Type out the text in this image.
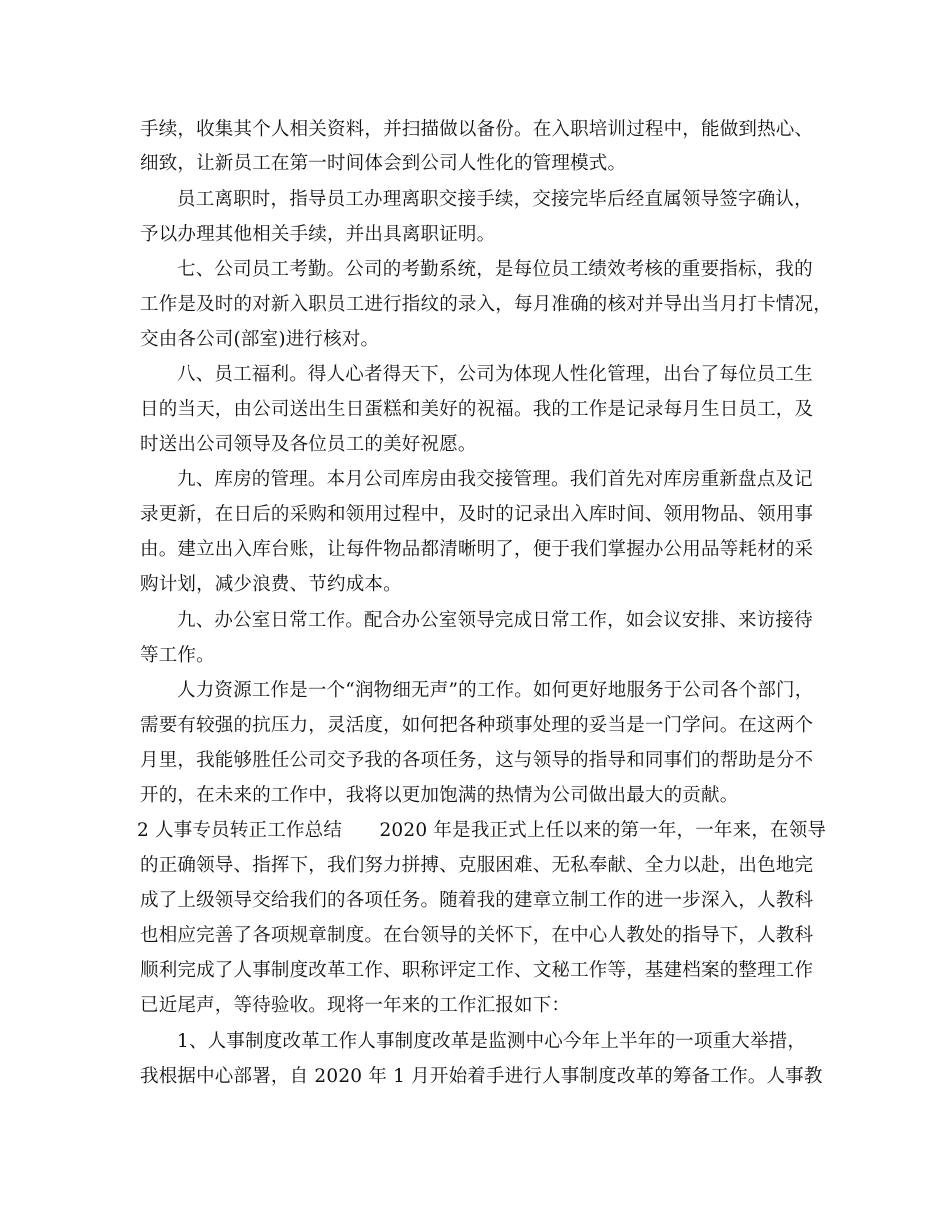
手续，收集其个人相关资料，并扫描做以备份。在入职培训过程中，能做到热心、
细致，让新员工在第一时间体会到公司人性化的管理模式。
员工离职时，指导员工办理离职交接手续，交接完毕后经直属领导签字确认，
予以办理其他相关手续，并出具离职证明。
七、公司员工考勤。公司的考勤系统，是每位员工绩效考核的重要指标，我的
工作是及时的对新入职员工进行指纹的录入，每月准确的核对并导出当月打卡情况，
交由各公司(部室)进行核对。
八、员工福利。得人心者得天下，公司为体现人性化管理，出台了每位员工生
日的当天，由公司送出生日蛋糕和美好的祝福。我的工作是记录每月生日员工，及
时送出公司领导及各位员工的美好祝愿。
九、库房的管理。本月公司库房由我交接管理。我们首先对库房重新盘点及记
录更新，在日后的采购和领用过程中，及时的记录出入库时间、领用物品、领用事
由。建立出入库台账，让每件物品都清晰明了，便于我们掌握办公用品等耗材的采
购计划，减少浪费、节约成本。
九、办公室日常工作。配合办公室领导完成日常工作，如会议安排、来访接待
等工作。
人力资源工作是一个“润物细无声”的工作。如何更好地服务于公司各个部门，
需要有较强的抗压力，灵活度，如何把各种琐事处理的妥当是一门学问。在这两个
月里，我能够胜任公司交予我的各项任务，这与领导的指导和同事们的帮助是分不
开的，在未来的工作中，我将以更加饱满的热情为公司做出最大的贡献。
2 人事专员转正工作总结　　2020 年是我正式上任以来的第一年，一年来，在领导
的正确领导、指挥下，我们努力拼搏、克服困难、无私奉献、全力以赴，出色地完
成了上级领导交给我们的各项任务。随着我的建章立制工作的进一步深入，人教科
也相应完善了各项规章制度。在台领导的关怀下，在中心人教处的指导下，人教科
顺利完成了人事制度改革工作、职称评定工作、文秘工作等，基建档案的整理工作
已近尾声，等待验收。现将一年来的工作汇报如下：
1、人事制度改革工作人事制度改革是监测中心今年上半年的一项重大举措，
我根据中心部署，自 2020 年 1 月开始着手进行人事制度改革的筹备工作。人事教
